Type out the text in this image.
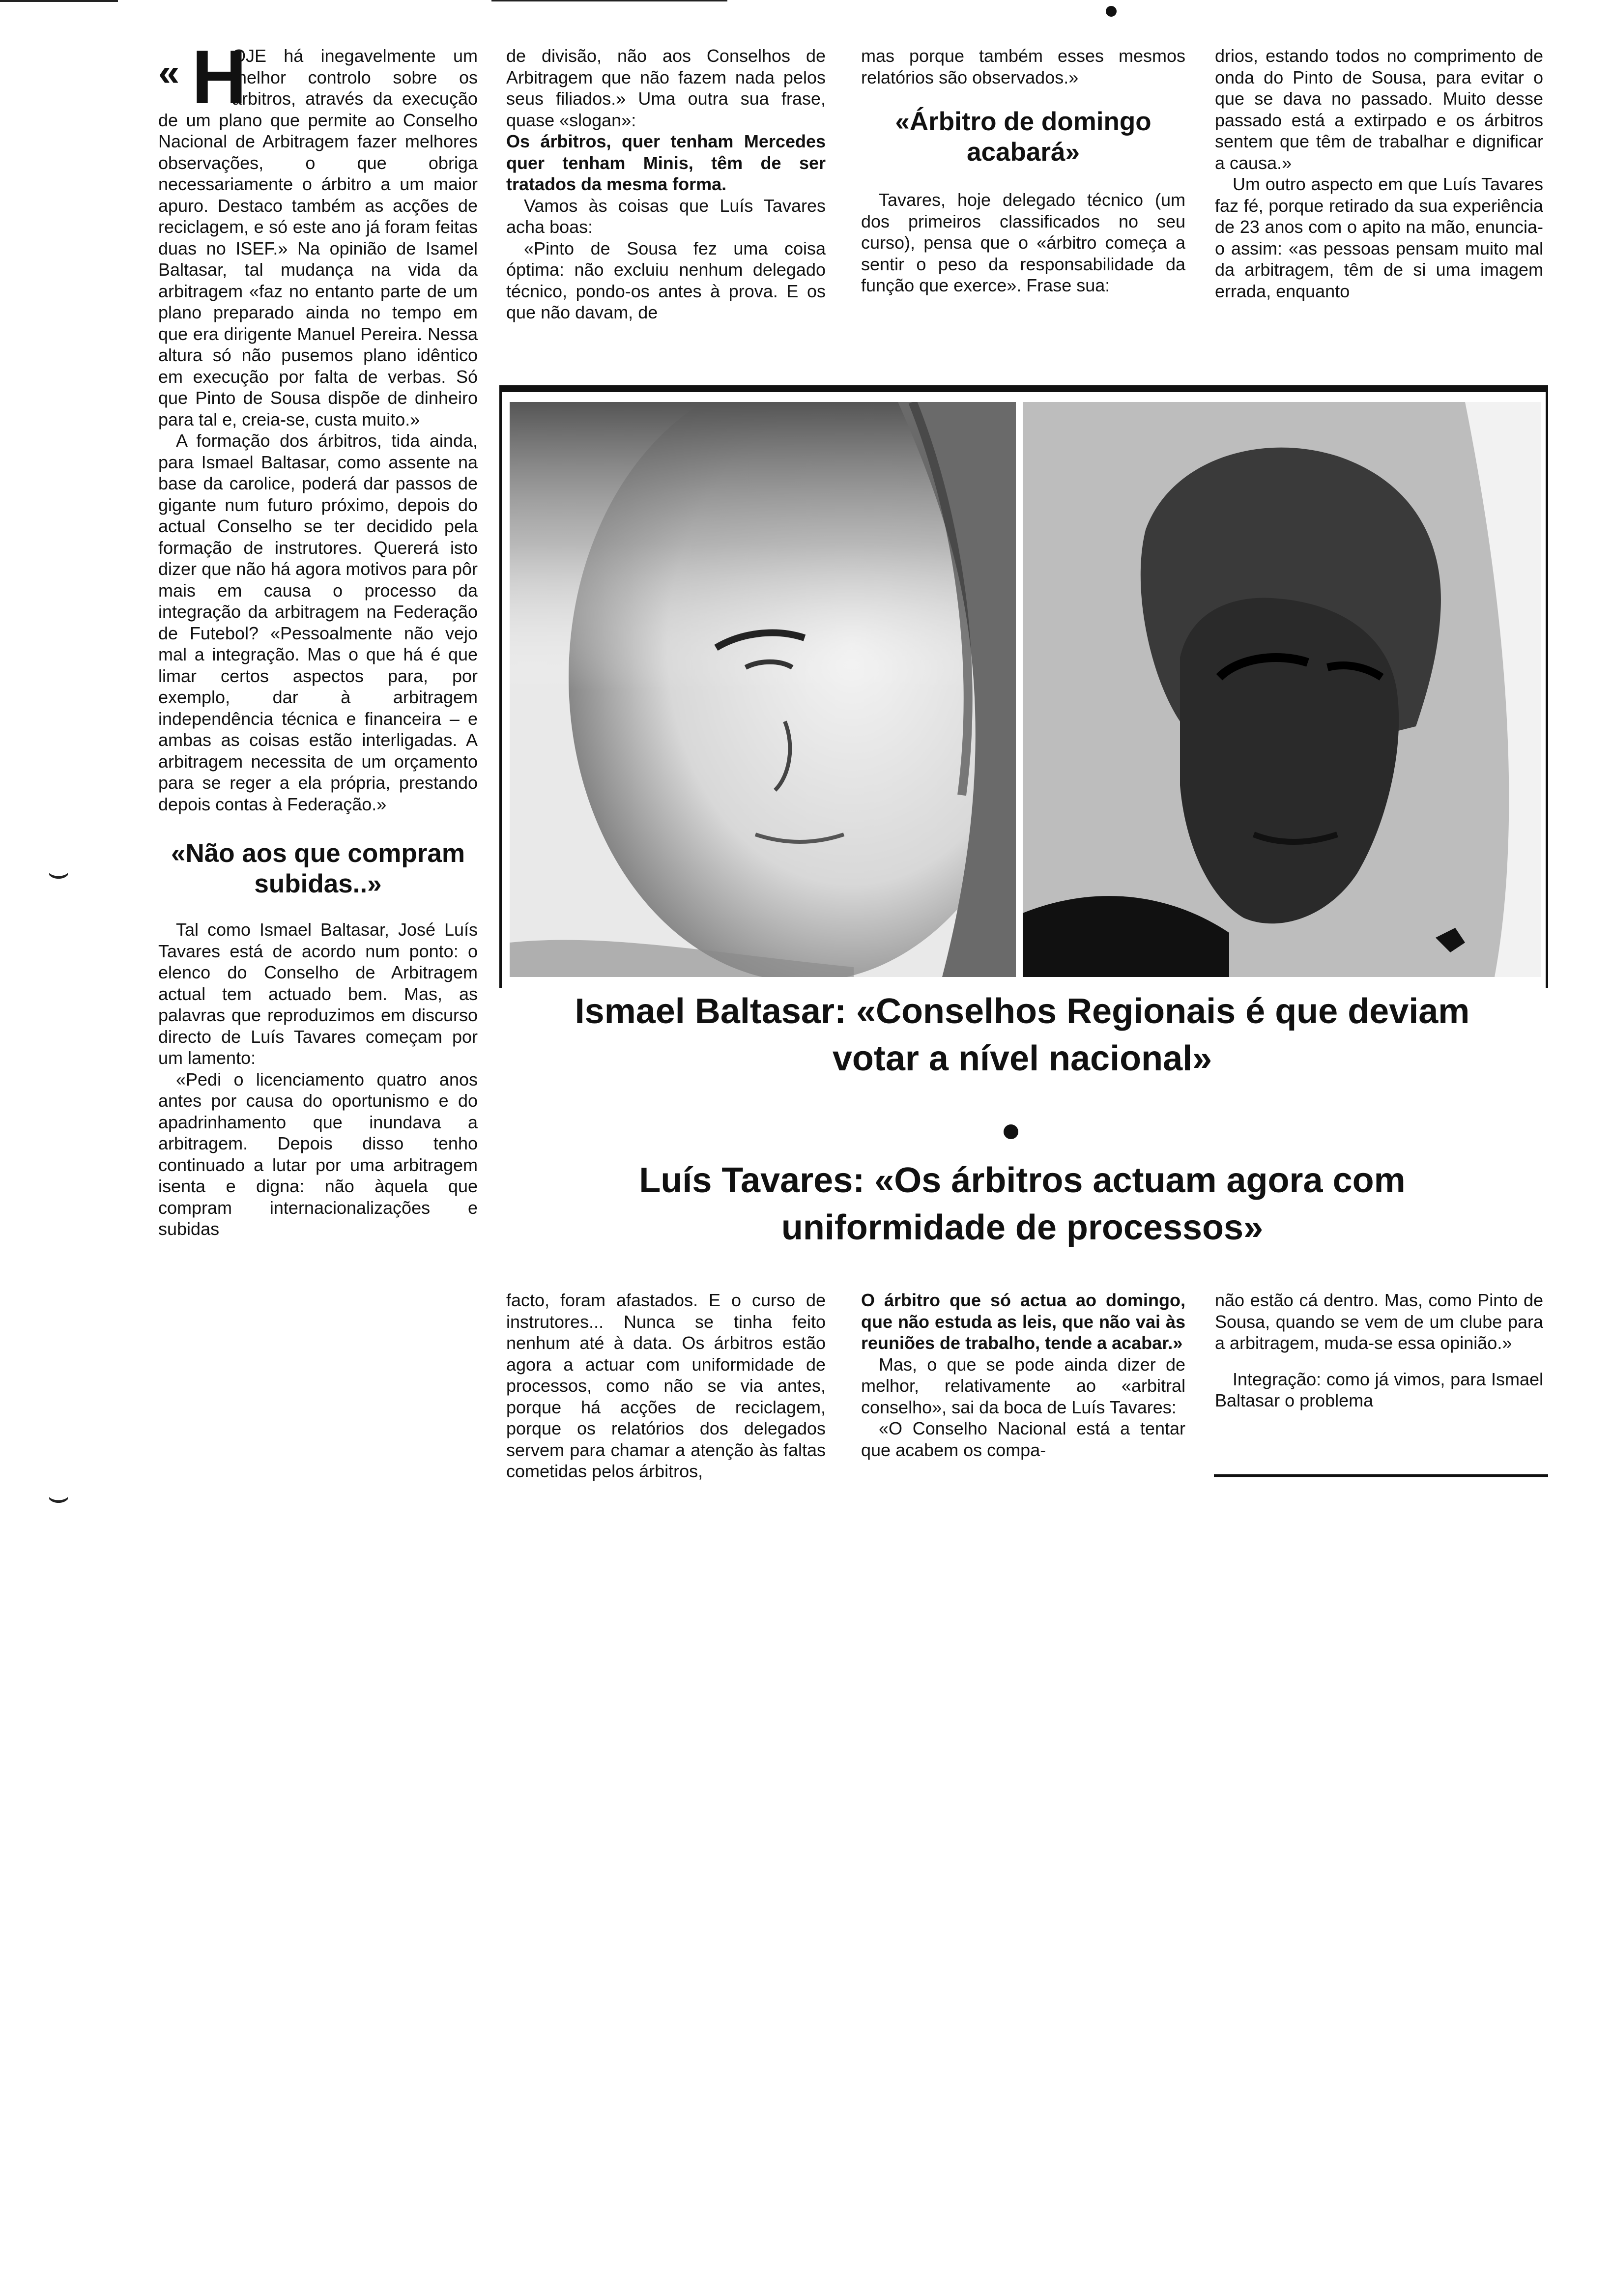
⌣
⌣
« H

OJE há inegavelmente um melhor controlo sobre os árbitros, através da execução de um plano que permite ao Conselho Nacional de Arbitragem fazer melhores observações, o que obriga necessariamente o árbitro a um maior apuro. Destaco também as acções de reciclagem, e só este ano já foram feitas duas no ISEF.» Na opinião de Isamel Baltasar, tal mudança na vida da arbitragem «faz no entanto parte de um plano preparado ainda no tempo em que era dirigente Manuel Pereira. Nessa altura só não pusemos plano idêntico em execução por falta de verbas. Só que Pinto de Sousa dispõe de dinheiro para tal e, creia-se, custa muito.»

A formação dos árbitros, tida ainda, para Ismael Baltasar, como assente na base da carolice, poderá dar passos de gigante num futuro próximo, depois do actual Conselho se ter decidido pela formação de instrutores. Quererá isto dizer que não há agora motivos para pôr mais em causa o processo da integração da arbitragem na Federação de Futebol? «Pessoalmente não vejo mal a integração. Mas o que há é que limar certos aspectos para, por exemplo, dar à arbitragem independência técnica e financeira – e ambas as coisas estão interligadas. A arbitragem necessita de um orçamento para se reger a ela própria, prestando depois contas à Federação.»

«Não aos que compram subidas..»

Tal como Ismael Baltasar, José Luís Tavares está de acordo num ponto: o elenco do Conselho de Arbitragem actual tem actuado bem. Mas, as palavras que reproduzimos em discurso directo de Luís Tavares começam por um lamento:

«Pedi o licenciamento quatro anos antes por causa do oportunismo e do apadrinhamento que inundava a arbitragem. Depois disso tenho continuado a lutar por uma arbitragem isenta e digna: não àquela que compram internacionalizações e subidas

de divisão, não aos Conselhos de Arbitragem que não fazem nada pelos seus filiados.» Uma outra sua frase, quase «slogan»:

Os árbitros, quer tenham Mercedes quer tenham Minis, têm de ser tratados da mesma forma.

Vamos às coisas que Luís Tavares acha boas:

«Pinto de Sousa fez uma coisa óptima: não excluiu nenhum delegado técnico, pondo-os antes à prova. E os que não davam, de

mas porque também esses mesmos relatórios são observados.»

«Árbitro de domingo acabará»

Tavares, hoje delegado técnico (um dos primeiros classificados no seu curso), pensa que o «árbitro começa a sentir o peso da responsabilidade da função que exerce». Frase sua:

drios, estando todos no comprimento de onda do Pinto de Sousa, para evitar o que se dava no passado. Muito desse passado está a extirpado e os árbitros sentem que têm de trabalhar e dignificar a causa.»

Um outro aspecto em que Luís Tavares faz fé, porque retirado da sua experiência de 23 anos com o apito na mão, enuncia-o assim: «as pessoas pensam muito mal da arbitragem, têm de si uma imagem errada, enquanto

Ismael Baltasar: «Conselhos Regionais é que deviam votar a nível nacional»
Luís Tavares: «Os árbitros actuam agora com uniformidade de processos»

facto, foram afastados. E o curso de instrutores... Nunca se tinha feito nenhum até à data. Os árbitros estão agora a actuar com uniformidade de processos, como não se via antes, porque há acções de reciclagem, porque os relatórios dos delegados servem para chamar a atenção às faltas cometidas pelos árbitros,

O árbitro que só actua ao domingo, que não estuda as leis, que não vai às reuniões de trabalho, tende a acabar.»

Mas, o que se pode ainda dizer de melhor, relativamente ao «arbitral conselho», sai da boca de Luís Tavares:

«O Conselho Nacional está a tentar que acabem os compa-

não estão cá dentro. Mas, como Pinto de Sousa, quando se vem de um clube para a arbitragem, muda-se essa opinião.»

Integração: como já vimos, para Ismael Baltasar o problema
